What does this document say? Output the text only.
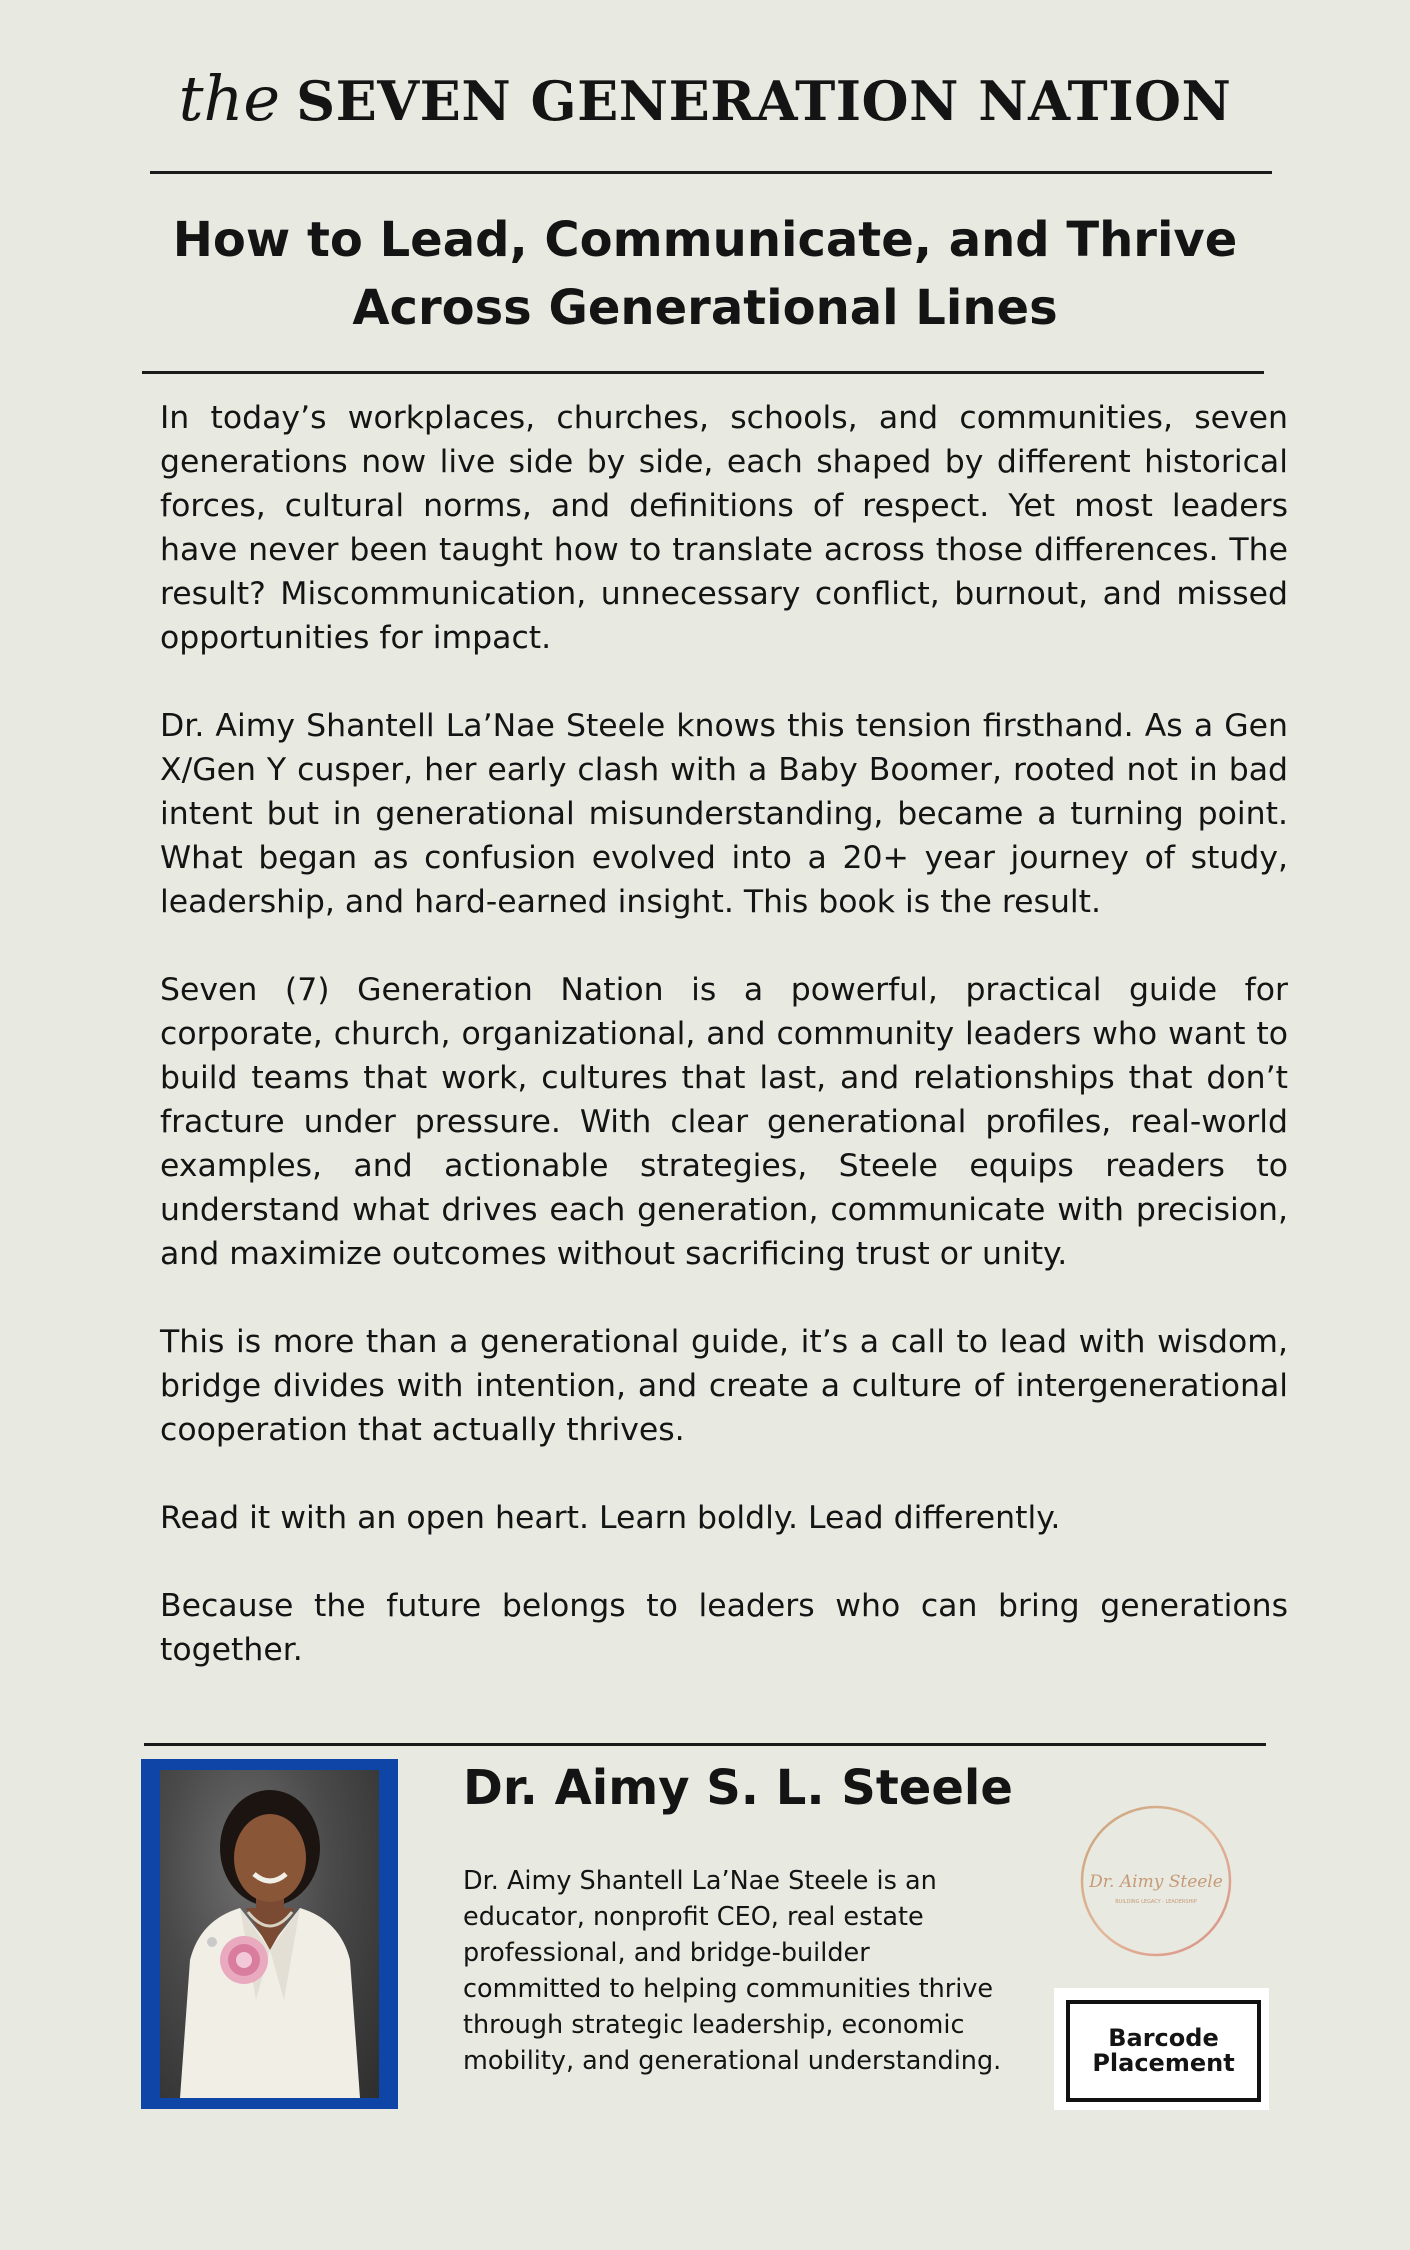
the SEVEN GENERATION NATION
How to Lead, Communicate, and Thrive
Across Generational Lines

In today’s workplaces, churches, schools, and communities, seven generations now live side by side, each shaped by different historical forces, cultural norms, and definitions of respect. Yet most leaders have never been taught how to translate across those differences. The result? Miscommunication, unnecessary conflict, burnout, and missed opportunities for impact.

Dr. Aimy Shantell La’Nae Steele knows this tension firsthand. As a Gen X/Gen Y cusper, her early clash with a Baby Boomer, rooted not in bad intent but in generational misunderstanding, became a turning point. What began as confusion evolved into a 20+ year journey of study, leadership, and hard-earned insight. This book is the result.

Seven (7) Generation Nation is a powerful, practical guide for corporate, church, organizational, and community leaders who want to build teams that work, cultures that last, and relationships that don’t fracture under pressure. With clear generational profiles, real-world examples, and actionable strategies, Steele equips readers to understand what drives each generation, communicate with precision, and maximize outcomes without sacrificing trust or unity.

This is more than a generational guide, it’s a call to lead with wisdom, bridge divides with intention, and create a culture of intergenerational cooperation that actually thrives.

Read it with an open heart. Learn boldly. Lead differently.

Because the future belongs to leaders who can bring generations together.

Dr. Aimy S. L. Steele
Dr. Aimy Shantell La’Nae Steele is an
educator, nonprofit CEO, real estate
professional, and bridge-builder
committed to helping communities thrive
through strategic leadership, economic
mobility, and generational understanding.
Dr. Aimy Steele
BUILDING LEGACY · LEADERSHIP
Barcode
Placement
